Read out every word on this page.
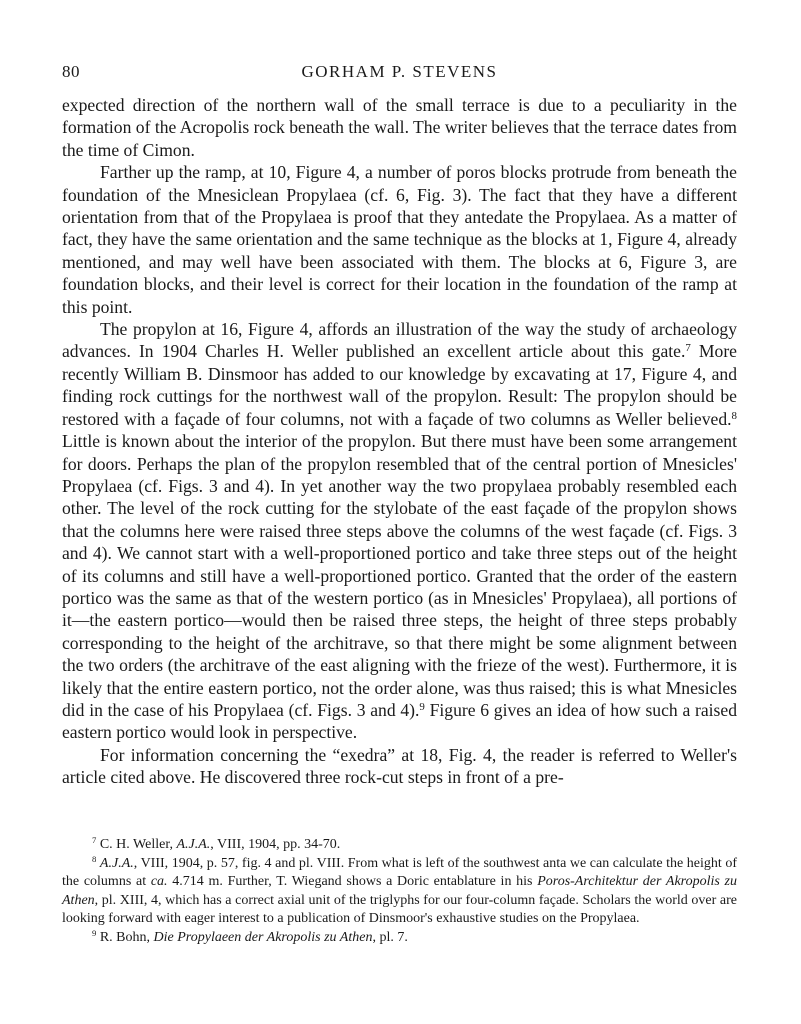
80	GORHAM P. STEVENS

expected direction of the northern wall of the small terrace is due to a peculiarity in the formation of the Acropolis rock beneath the wall. The writer believes that the terrace dates from the time of Cimon.

Farther up the ramp, at 10, Figure 4, a number of poros blocks protrude from beneath the foundation of the Mnesiclean Propylaea (cf. 6, Fig. 3). The fact that they have a different orientation from that of the Propylaea is proof that they antedate the Propylaea. As a matter of fact, they have the same orientation and the same technique as the blocks at 1, Figure 4, already mentioned, and may well have been associated with them. The blocks at 6, Figure 3, are foundation blocks, and their level is correct for their location in the foundation of the ramp at this point.

The propylon at 16, Figure 4, affords an illustration of the way the study of archaeology advances. In 1904 Charles H. Weller published an excellent article about this gate.$^7$ More recently William B. Dinsmoor has added to our knowledge by excavating at 17, Figure 4, and finding rock cuttings for the northwest wall of the propylon. Result: The propylon should be restored with a façade of four columns, not with a façade of two columns as Weller believed.$^8$ Little is known about the interior of the propylon. But there must have been some arrangement for doors. Perhaps the plan of the propylon resembled that of the central portion of Mnesicles' Propylaea (cf. Figs. 3 and 4). In yet another way the two propylaea probably resembled each other. The level of the rock cutting for the stylobate of the east façade of the propylon shows that the columns here were raised three steps above the columns of the west façade (cf. Figs. 3 and 4). We cannot start with a well-proportioned portico and take three steps out of the height of its columns and still have a well-proportioned portico. Granted that the order of the eastern portico was the same as that of the western portico (as in Mnesicles' Propylaea), all portions of it—the eastern portico—would then be raised three steps, the height of three steps probably corresponding to the height of the architrave, so that there might be some alignment between the two orders (the architrave of the east aligning with the frieze of the west). Furthermore, it is likely that the entire eastern portico, not the order alone, was thus raised; this is what Mnesicles did in the case of his Propylaea (cf. Figs. 3 and 4).$^9$ Figure 6 gives an idea of how such a raised eastern portico would look in perspective.

For information concerning the “exedra” at 18, Fig. 4, the reader is referred to Weller's article cited above. He discovered three rock-cut steps in front of a pre-

$^7$ C. H. Weller, A.J.A., VIII, 1904, pp. 34-70.

$^8$ A.J.A., VIII, 1904, p. 57, fig. 4 and pl. VIII. From what is left of the southwest anta we can calculate the height of the columns at ca. 4.714 m. Further, T. Wiegand shows a Doric entablature in his Poros-Architektur der Akropolis zu Athen, pl. XIII, 4, which has a correct axial unit of the triglyphs for our four-column façade. Scholars the world over are looking forward with eager interest to a publication of Dinsmoor's exhaustive studies on the Propylaea.

$^9$ R. Bohn, Die Propylaeen der Akropolis zu Athen, pl. 7.
